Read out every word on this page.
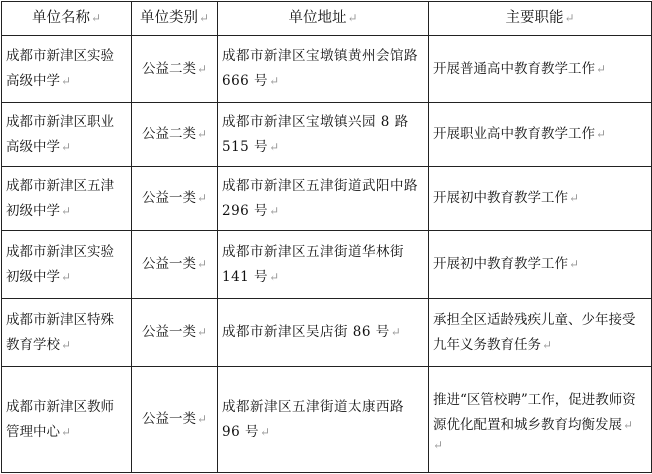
单位名称↵	单位类别↵	单位地址↵	主要职能↵
成都市新津区实验高级中学↵	公益二类↵	成都市新津区宝墩镇黄州会馆路 666 号↵	开展普通高中教育教学工作↵
成都市新津区职业高级中学↵	公益二类↵	成都市新津区宝墩镇兴园 8 路 515 号↵	开展职业高中教育教学工作↵
成都市新津区五津初级中学↵	公益一类↵	成都市新津区五津街道武阳中路 296 号↵	开展初中教育教学工作↵
成都市新津区实验初级中学↵	公益一类↵	成都市新津区五津街道华林街 141 号↵	开展初中教育教学工作↵
成都市新津区特殊教育学校↵	公益一类↵	成都市新津区吴店街 86 号↵	承担全区适龄残疾儿童、少年接受九年义务教育任务↵
成都市新津区教师管理中心↵	公益一类↵	成都新津区五津街道太康西路 96 号↵	推进“区管校聘”工作，促进教师资源优化配置和城乡教育均衡发展↵
↵
